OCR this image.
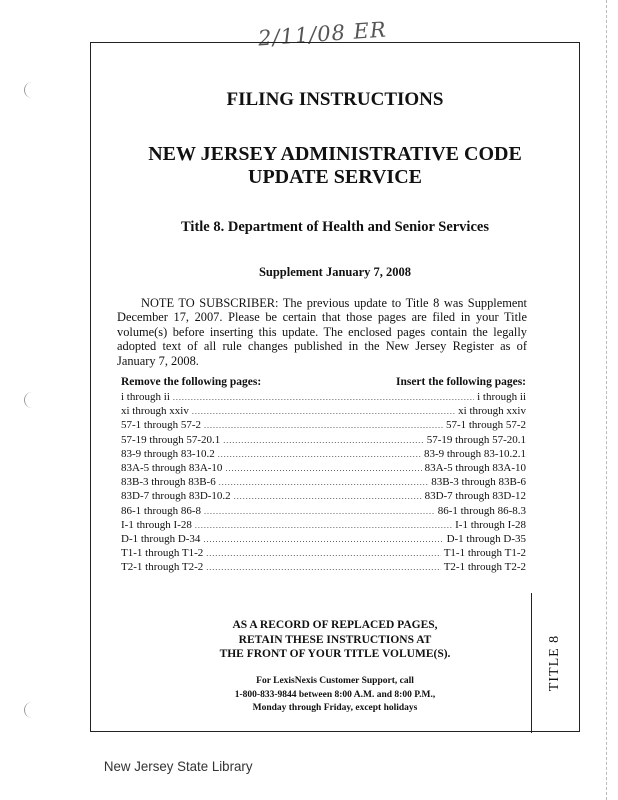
2/11/08 ER
FILING INSTRUCTIONS
NEW JERSEY ADMINISTRATIVE CODE
UPDATE SERVICE
Title 8. Department of Health and Senior Services
Supplement January 7, 2008
NOTE TO SUBSCRIBER: The previous update to Title 8 was Supplement December 17, 2007. Please be certain that those pages are filed in your Title volume(s) before inserting this update. The enclosed pages contain the legally adopted text of all rule changes published in the New Jersey Register as of January 7, 2008.
Remove the following pages:	Insert the following pages:
i through ii .....	i through ii
xi through xxiv .....	xi through xxiv
57-1 through 57-2 .....	57-1 through 57-2
57-19 through 57-20.1 .....	57-19 through 57-20.1
83-9 through 83-10.2 .....	83-9 through 83-10.2.1
83A-5 through 83A-10 .....	83A-5 through 83A-10
83B-3 through 83B-6 .....	83B-3 through 83B-6
83D-7 through 83D-10.2 .....	83D-7 through 83D-12
86-1 through 86-8 .....	86-1 through 86-8.3
I-1 through I-28 .....	I-1 through I-28
D-1 through D-34 .....	D-1 through D-35
T1-1 through T1-2 .....	T1-1 through T1-2
T2-1 through T2-2 .....	T2-1 through T2-2
AS A RECORD OF REPLACED PAGES,
RETAIN THESE INSTRUCTIONS AT
THE FRONT OF YOUR TITLE VOLUME(S).
For LexisNexis Customer Support, call
1-800-833-9844 between 8:00 A.M. and 8:00 P.M.,
Monday through Friday, except holidays
TITLE 8
New Jersey State Library
